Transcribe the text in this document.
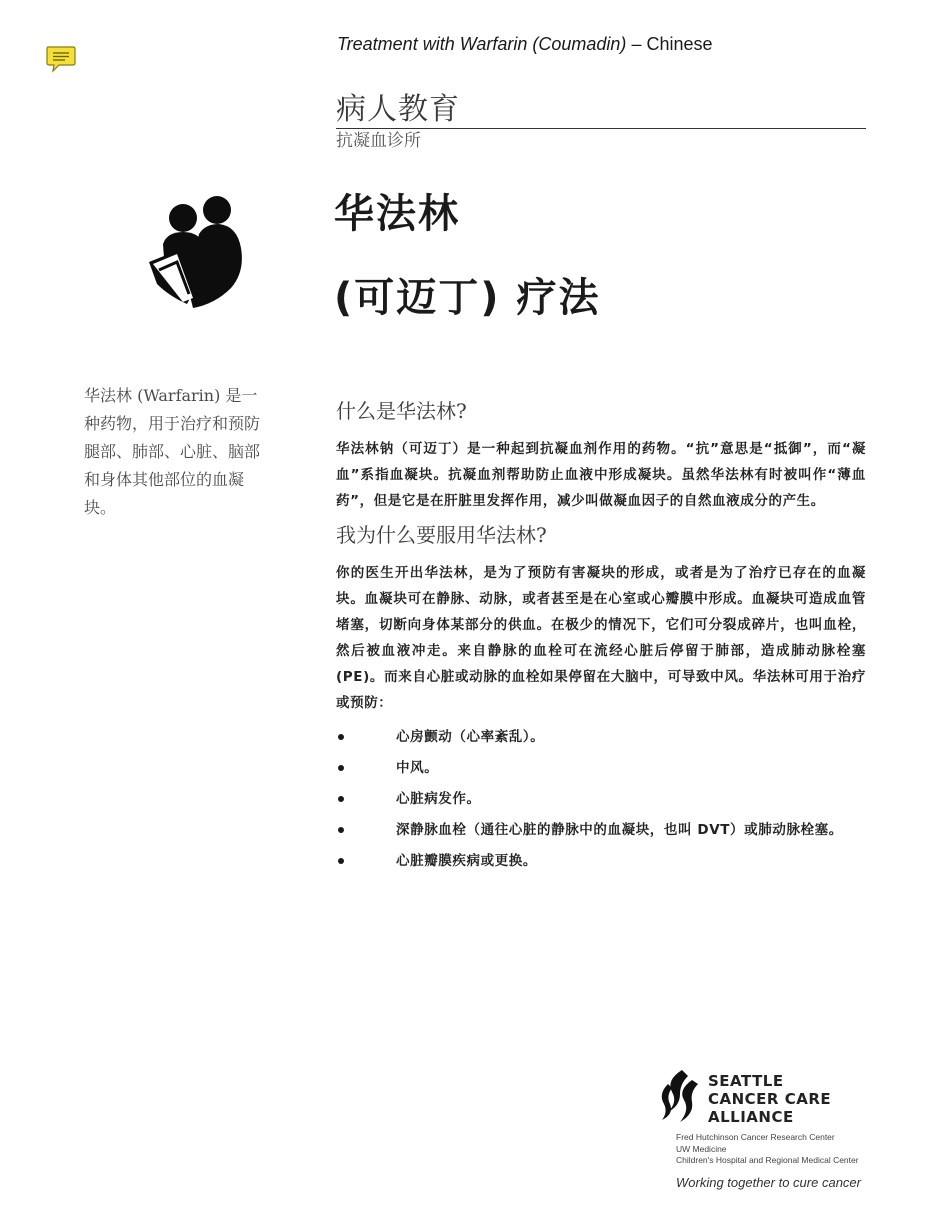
Treatment with Warfarin (Coumadin) – Chinese
病人教育
抗凝血诊所
华法林
(可迈丁) 疗法
华法林 (Warfarin) 是一种药物，用于治疗和预防腿部、肺部、心脏、脑部和身体其他部位的血凝块。
什么是华法林?

华法林钠（可迈丁）是一种起到抗凝血剂作用的药物。“抗”意思是“抵御”，而“凝血”系指血凝块。抗凝血剂帮助防止血液中形成凝块。虽然华法林有时被叫作“薄血药”，但是它是在肝脏里发挥作用，减少叫做凝血因子的自然血液成分的产生。

我为什么要服用华法林?

你的医生开出华法林，是为了预防有害凝块的形成，或者是为了治疗已存在的血凝块。血凝块可在静脉、动脉，或者甚至是在心室或心瓣膜中形成。血凝块可造成血管堵塞，切断向身体某部分的供血。在极少的情况下，它们可分裂成碎片，也叫血栓，然后被血液冲走。来自静脉的血栓可在流经心脏后停留于肺部，造成肺动脉栓塞 (PE)。而来自心脏或动脉的血栓如果停留在大脑中，可导致中风。华法林可用于治疗或预防：

心房颤动（心率紊乱）。
中风。
心脏病发作。
深静脉血栓（通往心脏的静脉中的血凝块，也叫 DVT）或肺动脉栓塞。
心脏瓣膜疾病或更换。
SEATTLE
CANCER CARE
ALLIANCE
Fred Hutchinson Cancer Research Center
UW Medicine
Children's Hospital and Regional Medical Center
Working together to cure cancer
